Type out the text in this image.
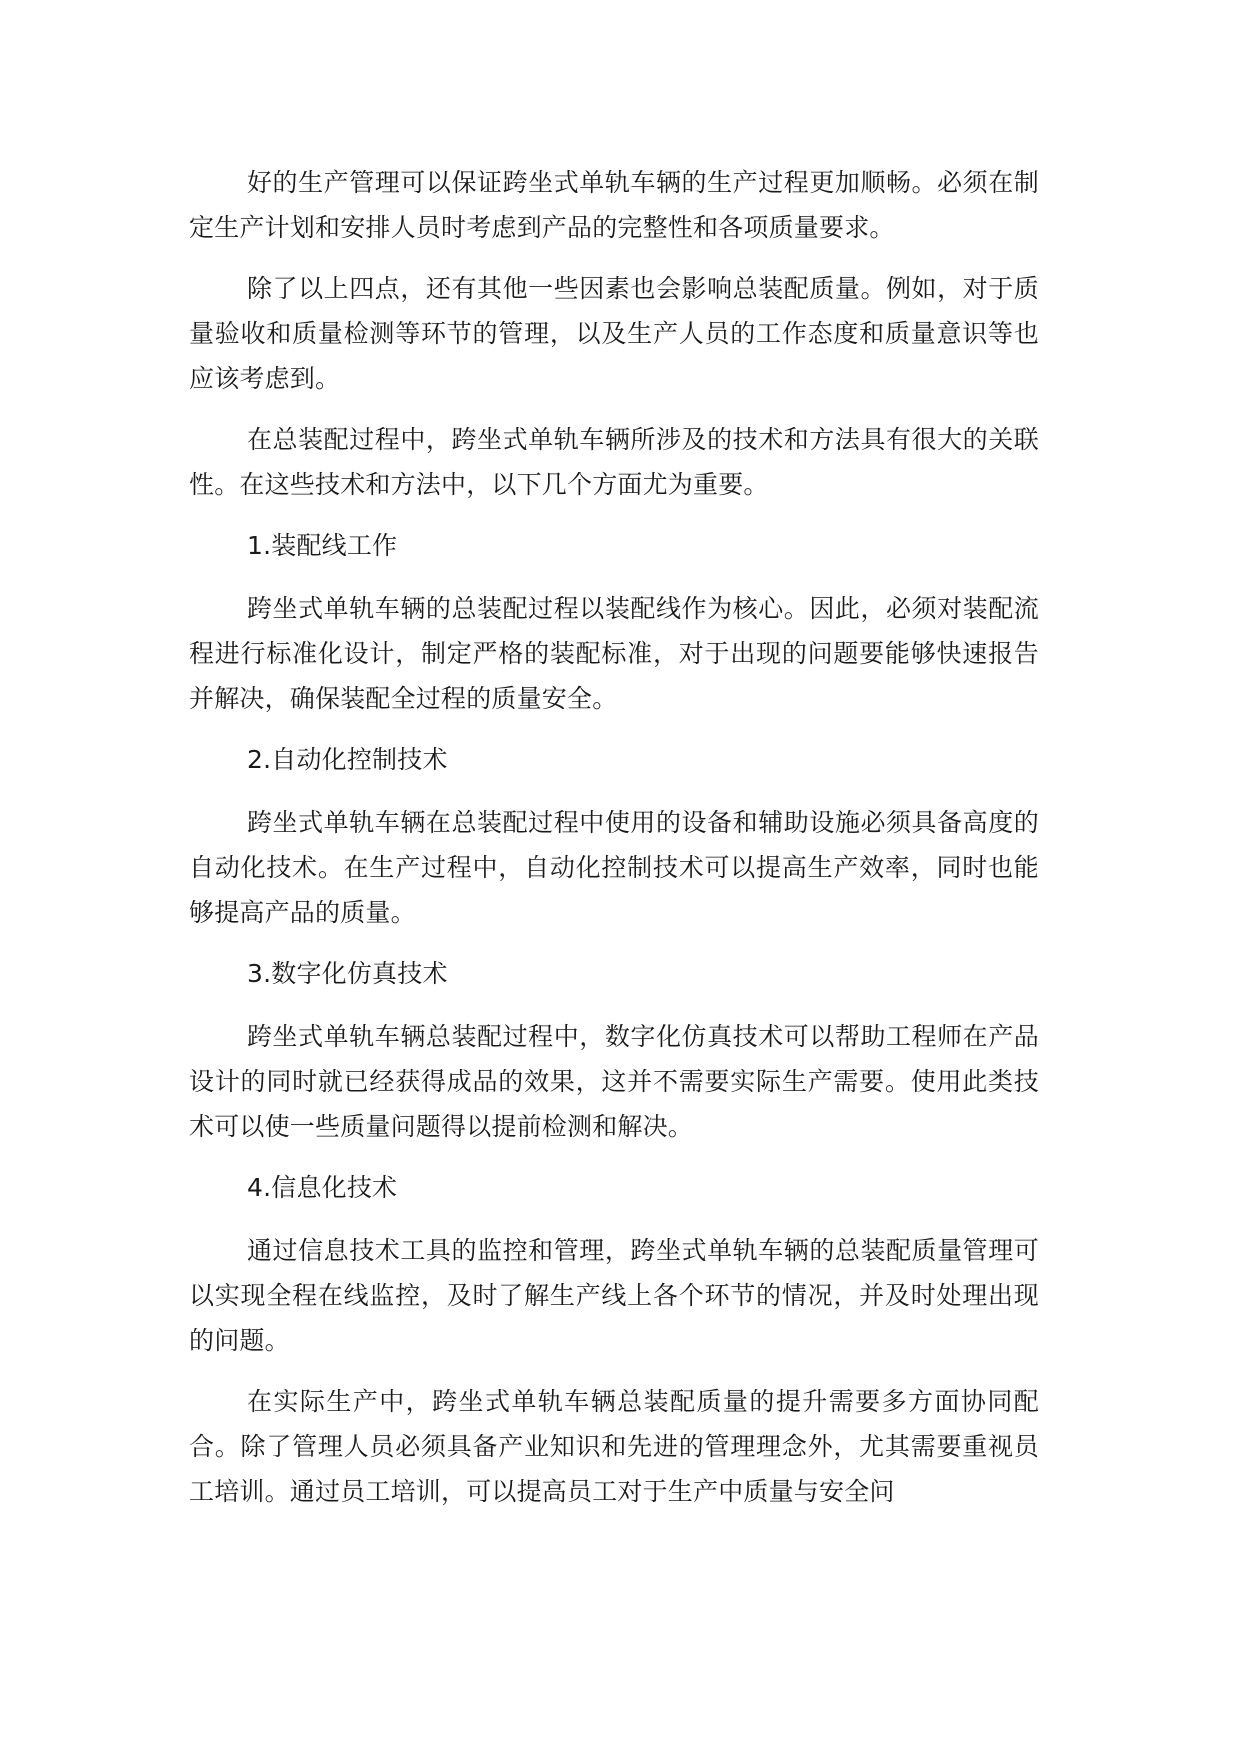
好的生产管理可以保证跨坐式单轨车辆的生产过程更加顺畅。必须在制定生产计划和安排人员时考虑到产品的完整性和各项质量要求。

除了以上四点，还有其他一些因素也会影响总装配质量。例如，对于质量验收和质量检测等环节的管理，以及生产人员的工作态度和质量意识等也应该考虑到。

在总装配过程中，跨坐式单轨车辆所涉及的技术和方法具有很大的关联性。在这些技术和方法中，以下几个方面尤为重要。

1.装配线工作

跨坐式单轨车辆的总装配过程以装配线作为核心。因此，必须对装配流程进行标准化设计，制定严格的装配标准，对于出现的问题要能够快速报告并解决，确保装配全过程的质量安全。

2.自动化控制技术

跨坐式单轨车辆在总装配过程中使用的设备和辅助设施必须具备高度的自动化技术。在生产过程中，自动化控制技术可以提高生产效率，同时也能够提高产品的质量。

3.数字化仿真技术

跨坐式单轨车辆总装配过程中，数字化仿真技术可以帮助工程师在产品设计的同时就已经获得成品的效果，这并不需要实际生产需要。使用此类技术可以使一些质量问题得以提前检测和解决。

4.信息化技术

通过信息技术工具的监控和管理，跨坐式单轨车辆的总装配质量管理可以实现全程在线监控，及时了解生产线上各个环节的情况，并及时处理出现的问题。

在实际生产中，跨坐式单轨车辆总装配质量的提升需要多方面协同配合。除了管理人员必须具备产业知识和先进的管理理念外，尤其需要重视员工培训。通过员工培训，可以提高员工对于生产中质量与安全问
